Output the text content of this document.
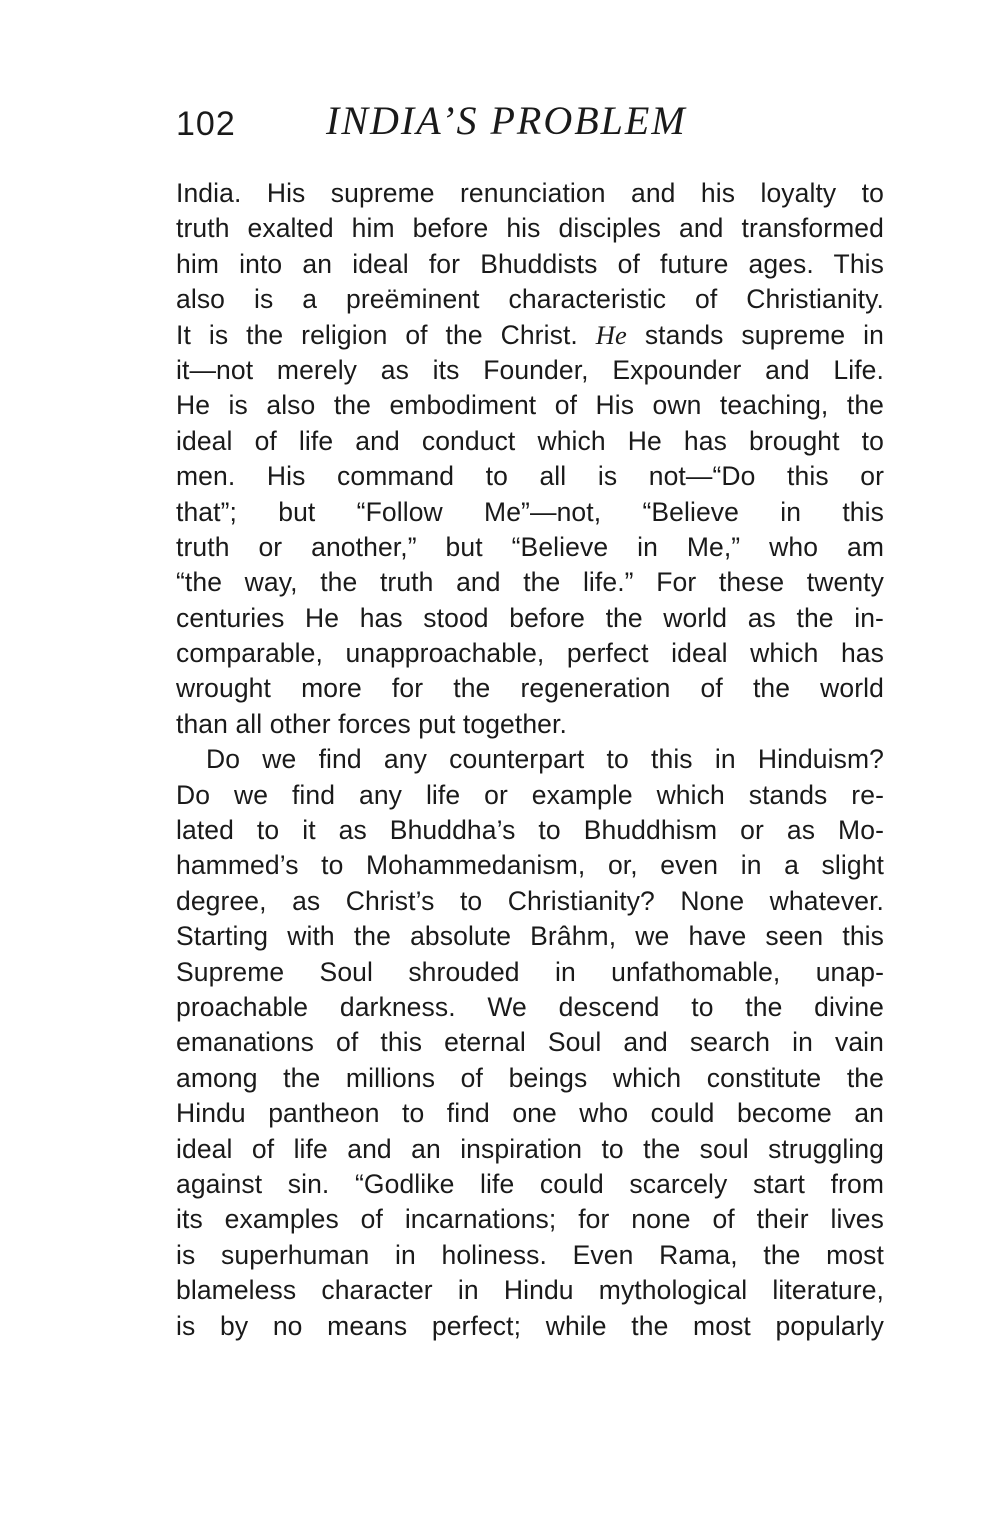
102 INDIA’S PROBLEM
India. His supreme renunciation and his loyalty to
truth exalted him before his disciples and transformed
him into an ideal for Bhuddists of future ages. This
also is a preëminent characteristic of Christianity.
It is the religion of the Christ. He stands supreme in
it—not merely as its Founder, Expounder and Life.
He is also the embodiment of His own teaching, the
ideal of life and conduct which He has brought to
men. His command to all is not—“Do this or
that”; but “Follow Me”—not, “Believe in this
truth or another,” but “Believe in Me,” who am
“the way, the truth and the life.” For these twenty
centuries He has stood before the world as the in-
comparable, unapproachable, perfect ideal which has
wrought more for the regeneration of the world
than all other forces put together.
Do we find any counterpart to this in Hinduism?
Do we find any life or example which stands re-
lated to it as Bhuddha’s to Bhuddhism or as Mo-
hammed’s to Mohammedanism, or, even in a slight
degree, as Christ’s to Christianity? None whatever.
Starting with the absolute Brâhm, we have seen this
Supreme Soul shrouded in unfathomable, unap-
proachable darkness. We descend to the divine
emanations of this eternal Soul and search in vain
among the millions of beings which constitute the
Hindu pantheon to find one who could become an
ideal of life and an inspiration to the soul struggling
against sin. “Godlike life could scarcely start from
its examples of incarnations; for none of their lives
is superhuman in holiness. Even Rama, the most
blameless character in Hindu mythological literature,
is by no means perfect; while the most popularly
